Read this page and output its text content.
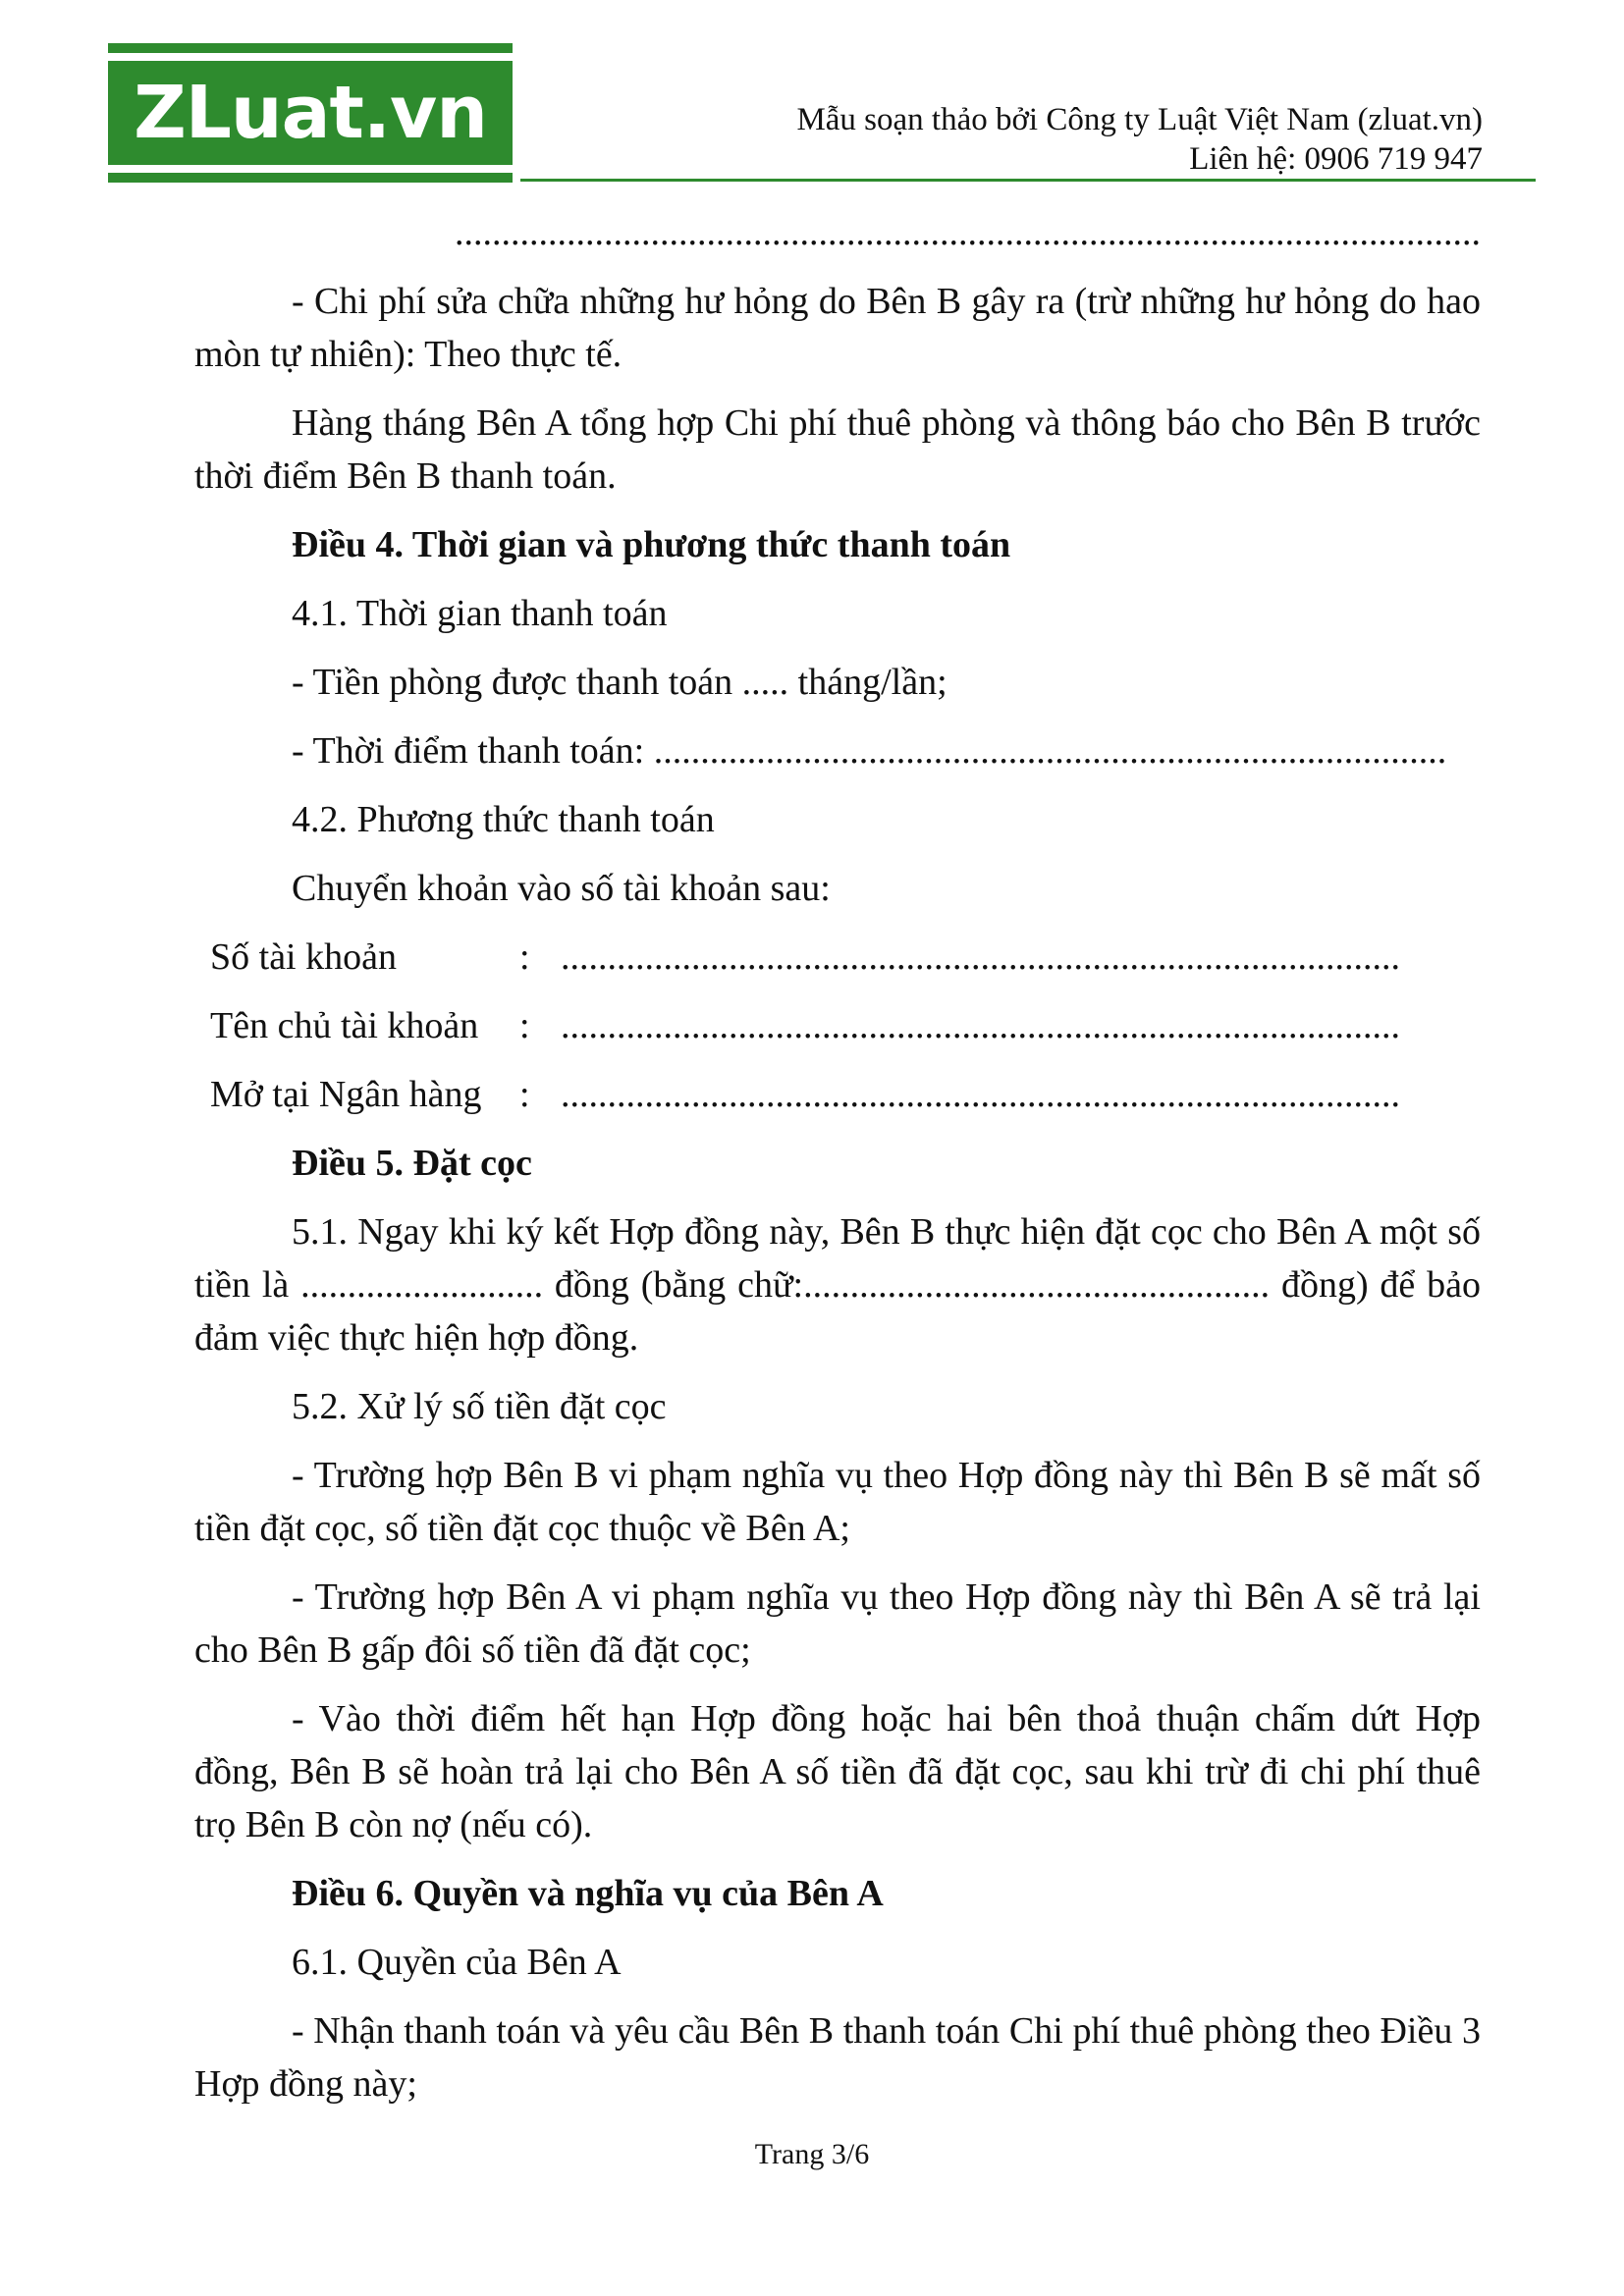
ZLuat.vn	Mẫu soạn thảo bởi Công ty Luật Việt Nam (zluat.vn)
Liên hệ: 0906 719 947

..............................................................................................................

- Chi phí sửa chữa những hư hỏng do Bên B gây ra (trừ những hư hỏng do hao mòn tự nhiên): Theo thực tế.

Hàng tháng Bên A tổng hợp Chi phí thuê phòng và thông báo cho Bên B trước thời điểm Bên B thanh toán.

Điều 4. Thời gian và phương thức thanh toán

4.1. Thời gian thanh toán

- Tiền phòng được thanh toán ..... tháng/lần;

- Thời điểm thanh toán: .....................................................................................

4.2. Phương thức thanh toán

Chuyển khoản vào số tài khoản sau:

Số tài khoản	: ..........................................................................................
Tên chủ tài khoản	: ..........................................................................................
Mở tại Ngân hàng	: ..........................................................................................

Điều 5. Đặt cọc

5.1. Ngay khi ký kết Hợp đồng này, Bên B thực hiện đặt cọc cho Bên A một số tiền là .......................... đồng (bằng chữ:.................................................. đồng) để bảo đảm việc thực hiện hợp đồng.

5.2. Xử lý số tiền đặt cọc

- Trường hợp Bên B vi phạm nghĩa vụ theo Hợp đồng này thì Bên B sẽ mất số tiền đặt cọc, số tiền đặt cọc thuộc về Bên A;

- Trường hợp Bên A vi phạm nghĩa vụ theo Hợp đồng này thì Bên A sẽ trả lại cho Bên B gấp đôi số tiền đã đặt cọc;

- Vào thời điểm hết hạn Hợp đồng hoặc hai bên thoả thuận chấm dứt Hợp đồng, Bên B sẽ hoàn trả lại cho Bên A số tiền đã đặt cọc, sau khi trừ đi chi phí thuê trọ Bên B còn nợ (nếu có).

Điều 6. Quyền và nghĩa vụ của Bên A

6.1. Quyền của Bên A

- Nhận thanh toán và yêu cầu Bên B thanh toán Chi phí thuê phòng theo Điều 3 Hợp đồng này;

Trang 3/6
